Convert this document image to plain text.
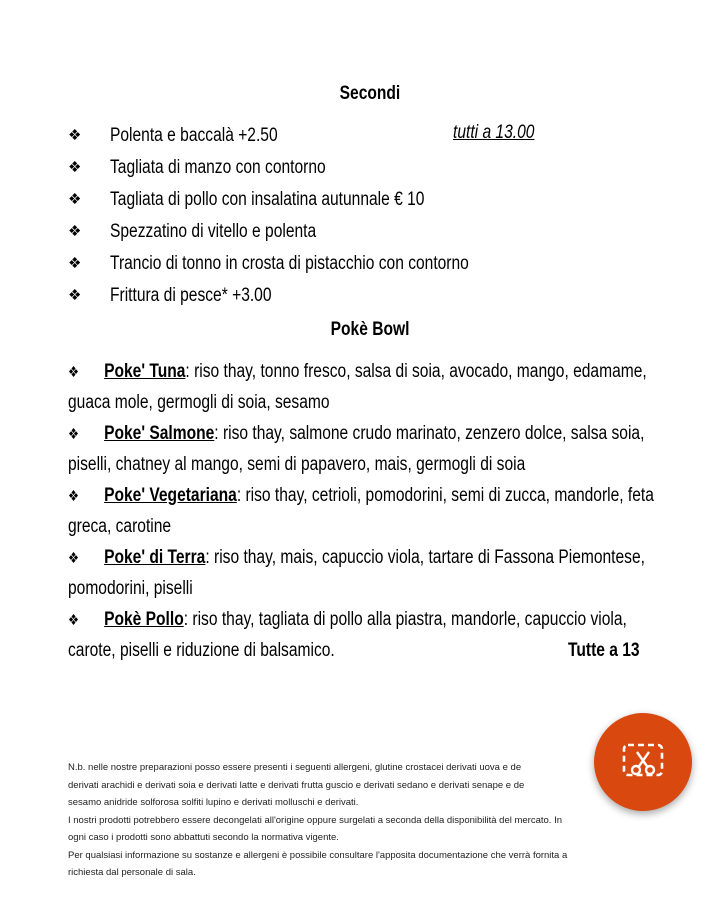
Secondi
❖	Polenta e baccalà +2.50
❖	Tagliata di manzo con contorno
❖	Tagliata di pollo con insalatina autunnale € 10
❖	Spezzatino di vitello e polenta
❖	Trancio di tonno in crosta di pistacchio con contorno
❖	Frittura di pesce* +3.00
tutti a 13.00
Pokè Bowl
❖ Poke' Tuna: riso thay, tonno fresco, salsa di soia, avocado, mango, edamame,
guaca mole, germogli di soia, sesamo
❖ Poke' Salmone: riso thay, salmone crudo marinato, zenzero dolce, salsa soia,
piselli, chatney al mango, semi di papavero, mais, germogli di soia
❖ Poke' Vegetariana: riso thay, cetrioli, pomodorini, semi di zucca, mandorle, feta
greca, carotine
❖ Poke' di Terra: riso thay, mais, capuccio viola, tartare di Fassona Piemontese,
pomodorini, piselli
❖ Pokè Pollo: riso thay, tagliata di pollo alla piastra, mandorle, capuccio viola,
carote, piselli e riduzione di balsamico.	Tutte a 13

N.b. nelle nostre preparazioni posso essere presenti i seguenti allergeni, glutine crostacei derivati uova e de

derivati arachidi e derivati soia e derivati latte e derivati frutta guscio e derivati sedano e derivati senape e de

sesamo anidride solforosa solfiti lupino e derivati molluschi e derivati.

I nostri prodotti potrebbero essere decongelati all'origine oppure surgelati a seconda della disponibilità del mercato. In

ogni caso i prodotti sono abbattuti secondo la normativa vigente.

Per qualsiasi informazione su sostanze e allergeni è possibile consultare l'apposita documentazione che verrà fornita a

richiesta dal personale di sala.
